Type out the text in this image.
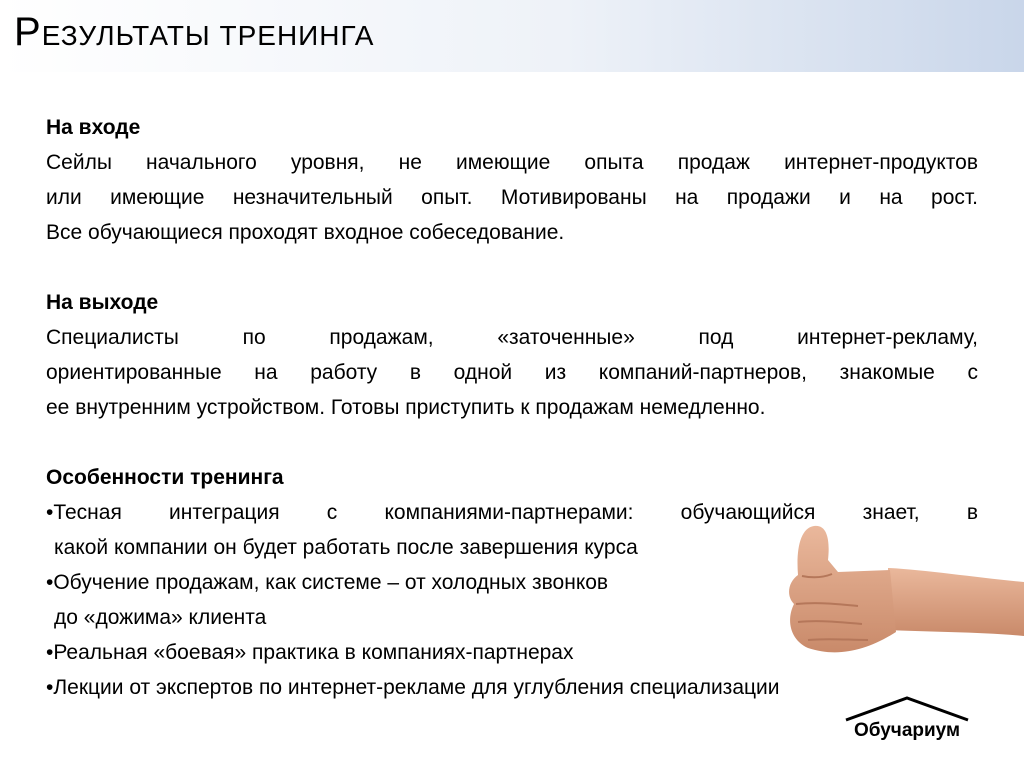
РЕЗУЛЬТАТЫ ТРЕНИНГА
На входе
Сейлы начального уровня, не имеющие опыта продаж интернет-продуктов
или имеющие незначительный опыт. Мотивированы на продажи и на рост.
Все обучающиеся проходят входное собеседование.
На выходе
Специалисты по продажам, «заточенные» под интернет-рекламу,
ориентированные на работу в одной из компаний-партнеров, знакомые с
ее внутренним устройством. Готовы приступить к продажам немедленно.
Особенности тренинга
•Тесная интеграция с компаниями-партнерами: обучающийся знает, в
какой компании он будет работать после завершения курса
•Обучение продажам, как системе – от холодных звонков
до «дожима» клиента
•Реальная «боевая» практика в компаниях-партнерах
•Лекции от экспертов по интернет-рекламе для углубления специализации
Обучариум
